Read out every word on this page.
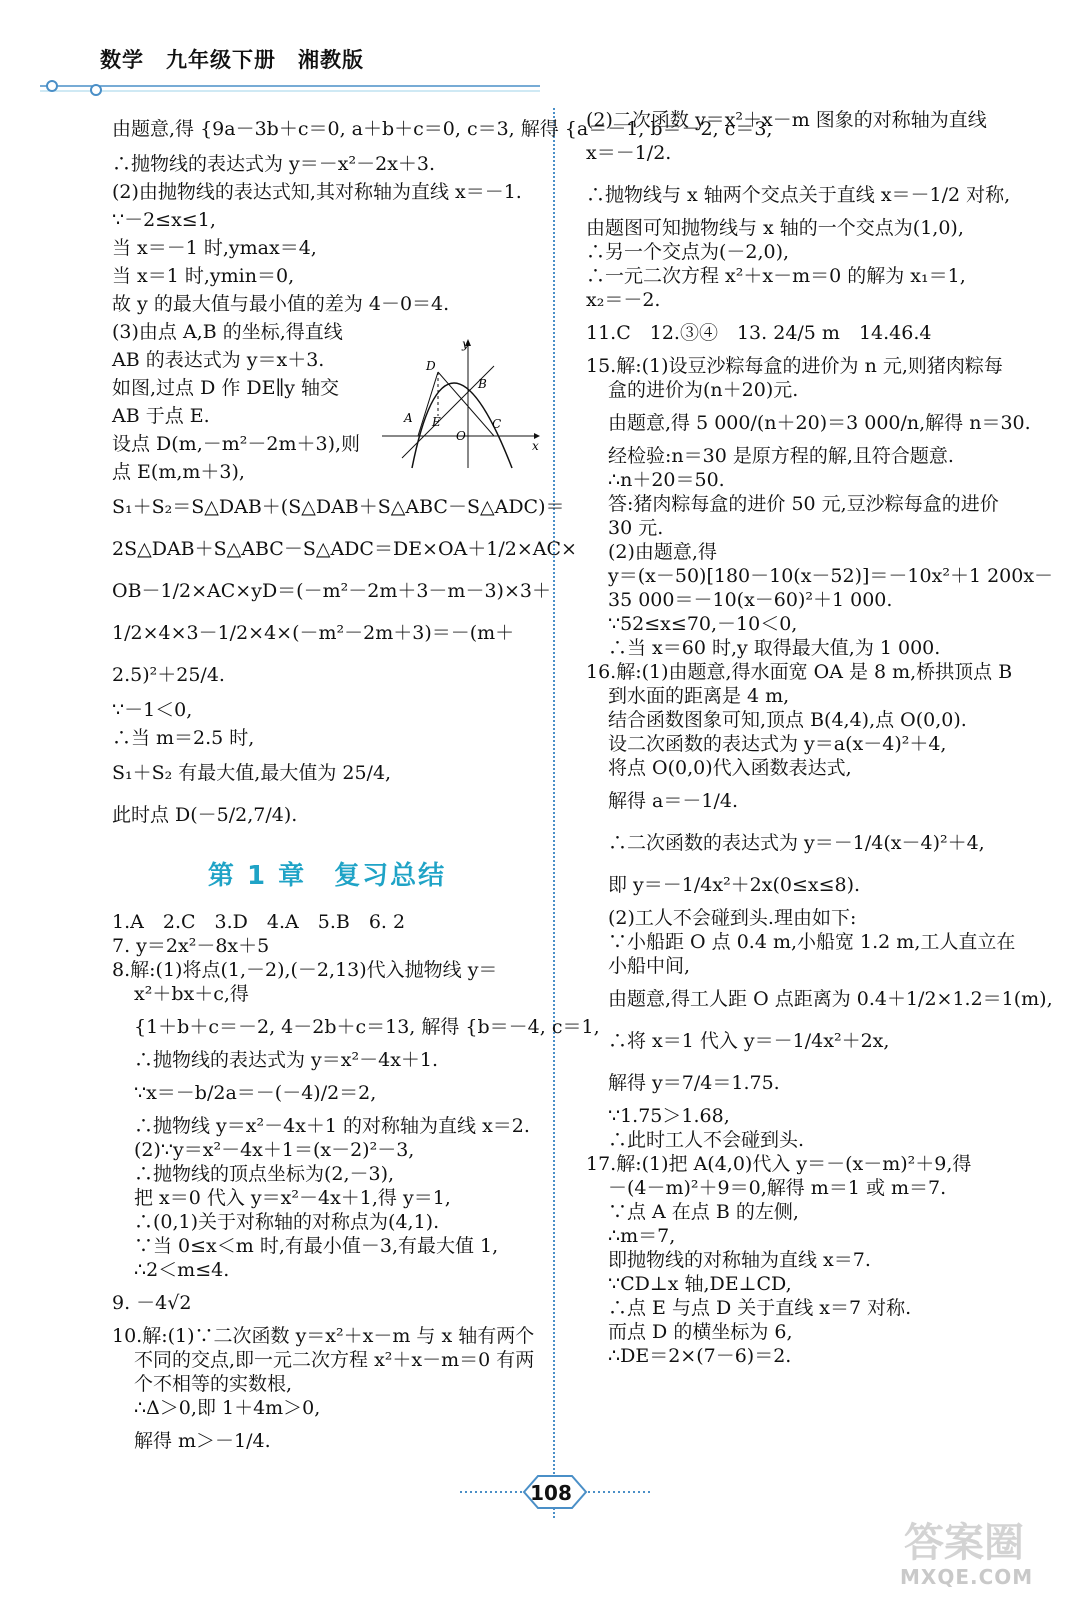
数学　九年级下册　湘教版
由题意,得 {9a－3b＋c＝0, a＋b＋c＝0, c＝3, 解得 {a＝－1, b＝－2, c＝3,
∴抛物线的表达式为 y＝－x²－2x＋3.
(2)由抛物线的表达式知,其对称轴为直线 x＝－1.
∵－2≤x≤1,
当 x＝－1 时,ymax＝4,
当 x＝1 时,ymin＝0,
故 y 的最大值与最小值的差为 4－0＝4.
(3)由点 A,B 的坐标,得直线
AB 的表达式为 y＝x＋3.
如图,过点 D 作 DE∥y 轴交
AB 于点 E.
设点 D(m,－m²－2m＋3),则
点 E(m,m＋3),
S₁＋S₂＝S△DAB＋(S△DAB＋S△ABC－S△ADC)＝
2S△DAB＋S△ABC－S△ADC＝DE×OA＋1/2×AC×
OB－1/2×AC×yD＝(－m²－2m＋3－m－3)×3＋
1/2×4×3－1/2×4×(－m²－2m＋3)＝－(m＋
2.5)²＋25/4.
∵－1＜0,
∴当 m＝2.5 时,
S₁＋S₂ 有最大值,最大值为 25/4,
此时点 D(－5/2,7/4).
第 1 章　复习总结
1.A　2.C　3.D　4.A　5.B　6. 2
7. y＝2x²－8x＋5
8.解:(1)将点(1,－2),(－2,13)代入抛物线 y＝
x²＋bx＋c,得
{1＋b＋c＝－2, 4－2b＋c＝13, 解得 {b＝－4, c＝1,
∴抛物线的表达式为 y＝x²－4x＋1.
∵x＝－b/2a＝－(－4)/2＝2,
∴抛物线 y＝x²－4x＋1 的对称轴为直线 x＝2.
(2)∵y＝x²－4x＋1＝(x－2)²－3,
∴抛物线的顶点坐标为(2,－3),
把 x＝0 代入 y＝x²－4x＋1,得 y＝1,
∴(0,1)关于对称轴的对称点为(4,1).
∵当 0≤x＜m 时,有最小值－3,有最大值 1,
∴2＜m≤4.
9. －4√2
10.解:(1)∵二次函数 y＝x²＋x－m 与 x 轴有两个
不同的交点,即一元二次方程 x²＋x－m＝0 有两
个不相等的实数根,
∴Δ＞0,即 1＋4m＞0,
解得 m＞－1/4.
y
x
D
B
A E
O
C
(2)二次函数 y＝x²＋x－m 图象的对称轴为直线
x＝－1/2.
∴抛物线与 x 轴两个交点关于直线 x＝－1/2 对称,
由题图可知抛物线与 x 轴的一个交点为(1,0),
∴另一个交点为(－2,0),
∴一元二次方程 x²＋x－m＝0 的解为 x₁＝1,
x₂＝－2.
11.C　12.③④　13. 24/5 m　14.46.4
15.解:(1)设豆沙粽每盒的进价为 n 元,则猪肉粽每
盒的进价为(n＋20)元.
由题意,得 5 000/(n＋20)＝3 000/n,解得 n＝30.
经检验:n＝30 是原方程的解,且符合题意.
∴n＋20＝50.
答:猪肉粽每盒的进价 50 元,豆沙粽每盒的进价
30 元.
(2)由题意,得
y＝(x－50)[180－10(x－52)]＝－10x²＋1 200x－
35 000＝－10(x－60)²＋1 000.
∵52≤x≤70,－10＜0,
∴当 x＝60 时,y 取得最大值,为 1 000.
16.解:(1)由题意,得水面宽 OA 是 8 m,桥拱顶点 B
到水面的距离是 4 m,
结合函数图象可知,顶点 B(4,4),点 O(0,0).
设二次函数的表达式为 y＝a(x－4)²＋4,
将点 O(0,0)代入函数表达式,
解得 a＝－1/4.
∴二次函数的表达式为 y＝－1/4(x－4)²＋4,
即 y＝－1/4x²＋2x(0≤x≤8).
(2)工人不会碰到头.理由如下:
∵小船距 O 点 0.4 m,小船宽 1.2 m,工人直立在
小船中间,
由题意,得工人距 O 点距离为 0.4＋1/2×1.2＝1(m),
∴将 x＝1 代入 y＝－1/4x²＋2x,
解得 y＝7/4＝1.75.
∵1.75＞1.68,
∴此时工人不会碰到头.
17.解:(1)把 A(4,0)代入 y＝－(x－m)²＋9,得
－(4－m)²＋9＝0,解得 m＝1 或 m＝7.
∵点 A 在点 B 的左侧,
∴m＝7,
即抛物线的对称轴为直线 x＝7.
∵CD⊥x 轴,DE⊥CD,
∴点 E 与点 D 关于直线 x＝7 对称.
而点 D 的横坐标为 6,
∴DE＝2×(7－6)＝2.
108
答案圈
MXQE.COM
